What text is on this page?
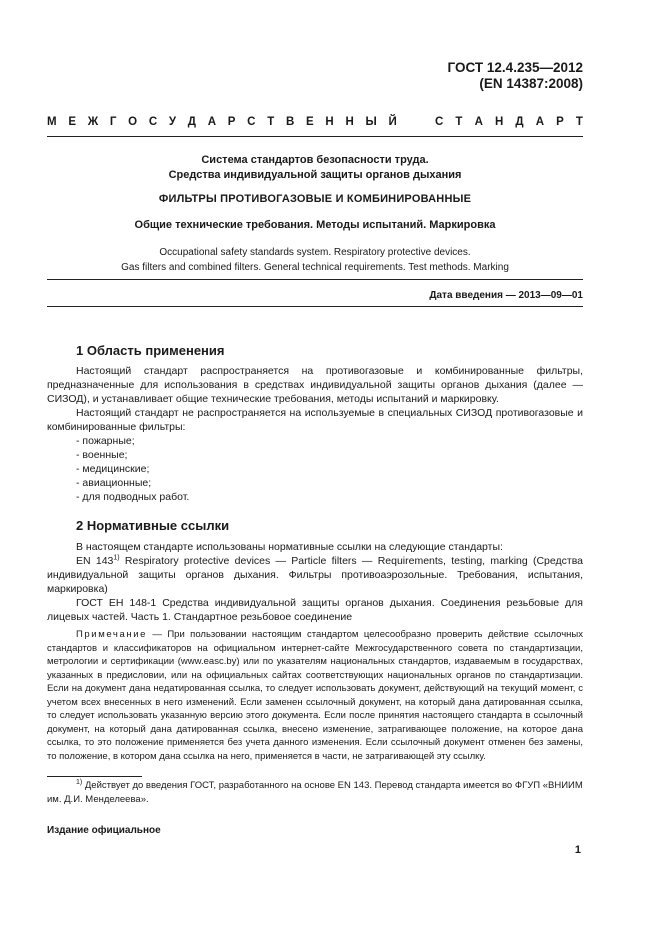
ГОСТ 12.4.235—2012
(EN 14387:2008)
М Е Ж Г О С У Д А Р С Т В Е Н Н Ы Й	С Т А Н Д А Р Т
Система стандартов безопасности труда.
Средства индивидуальной защиты органов дыхания
ФИЛЬТРЫ ПРОТИВОГАЗОВЫЕ И КОМБИНИРОВАННЫЕ
Общие технические требования. Методы испытаний. Маркировка
Occupational safety standards system. Respiratory protective devices.
Gas filters and combined filters. General technical requirements. Test methods. Marking
Дата введения — 2013—09—01
1 Область применения
Настоящий стандарт распространяется на противогазовые и комбинированные фильтры, предназначенные для использования в средствах индивидуальной защиты органов дыхания (далее — СИЗОД), и устанавливает общие технические требования, методы испытаний и маркировку.
Настоящий стандарт не распространяется на используемые в специальных СИЗОД противогазовые и комбинированные фильтры:
- пожарные;
- военные;
- медицинские;
- авиационные;
- для подводных работ.
2 Нормативные ссылки
В настоящем стандарте использованы нормативные ссылки на следующие стандарты:
EN 143$^{1)}$ Respiratory protective devices — Particle filters — Requirements, testing, marking (Средства индивидуальной защиты органов дыхания. Фильтры противоаэрозольные. Требования, испытания, маркировка)
ГОСТ ЕН 148-1 Средства индивидуальной защиты органов дыхания. Соединения резьбовые для лицевых частей. Часть 1. Стандартное резьбовое соединение
Примечание — При пользовании настоящим стандартом целесообразно проверить действие ссылочных стандартов и классификаторов на официальном интернет-сайте Межгосударственного совета по стандартизации, метрологии и сертификации (www.easc.by) или по указателям национальных стандартов, издаваемым в государствах, указанных в предисловии, или на официальных сайтах соответствующих национальных органов по стандартизации. Если на документ дана недатированная ссылка, то следует использовать документ, действующий на текущий момент, с учетом всех внесенных в него изменений. Если заменен ссылочный документ, на который дана датированная ссылка, то следует использовать указанную версию этого документа. Если после принятия настоящего стандарта в ссылочный документ, на который дана датированная ссылка, внесено изменение, затрагивающее положение, на которое дана ссылка, то это положение применяется без учета данного изменения. Если ссылочный документ отменен без замены, то положение, в котором дана ссылка на него, применяется в части, не затрагивающей эту ссылку.
$^{1)}$ Действует до введения ГОСТ, разработанного на основе EN 143. Перевод стандарта имеется во ФГУП «ВНИИМ им. Д.И. Менделеева».
Издание официальное
1
